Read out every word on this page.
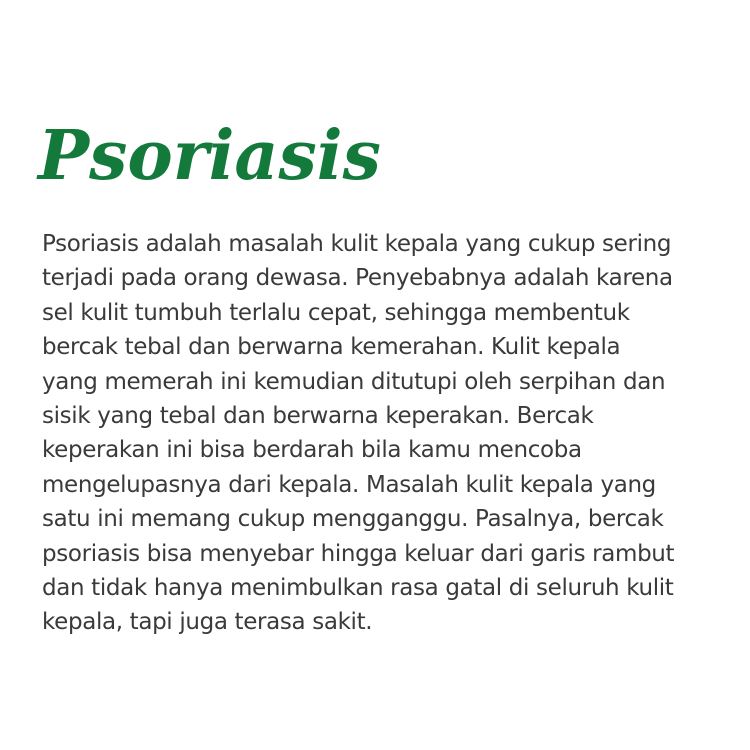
Psoriasis
Psoriasis adalah masalah kulit kepala yang cukup sering
terjadi pada orang dewasa. Penyebabnya adalah karena
sel kulit tumbuh terlalu cepat, sehingga membentuk
bercak tebal dan berwarna kemerahan. Kulit kepala
yang memerah ini kemudian ditutupi oleh serpihan dan
sisik yang tebal dan berwarna keperakan. Bercak
keperakan ini bisa berdarah bila kamu mencoba
mengelupasnya dari kepala. Masalah kulit kepala yang
satu ini memang cukup mengganggu. Pasalnya, bercak
psoriasis bisa menyebar hingga keluar dari garis rambut
dan tidak hanya menimbulkan rasa gatal di seluruh kulit
kepala, tapi juga terasa sakit.
